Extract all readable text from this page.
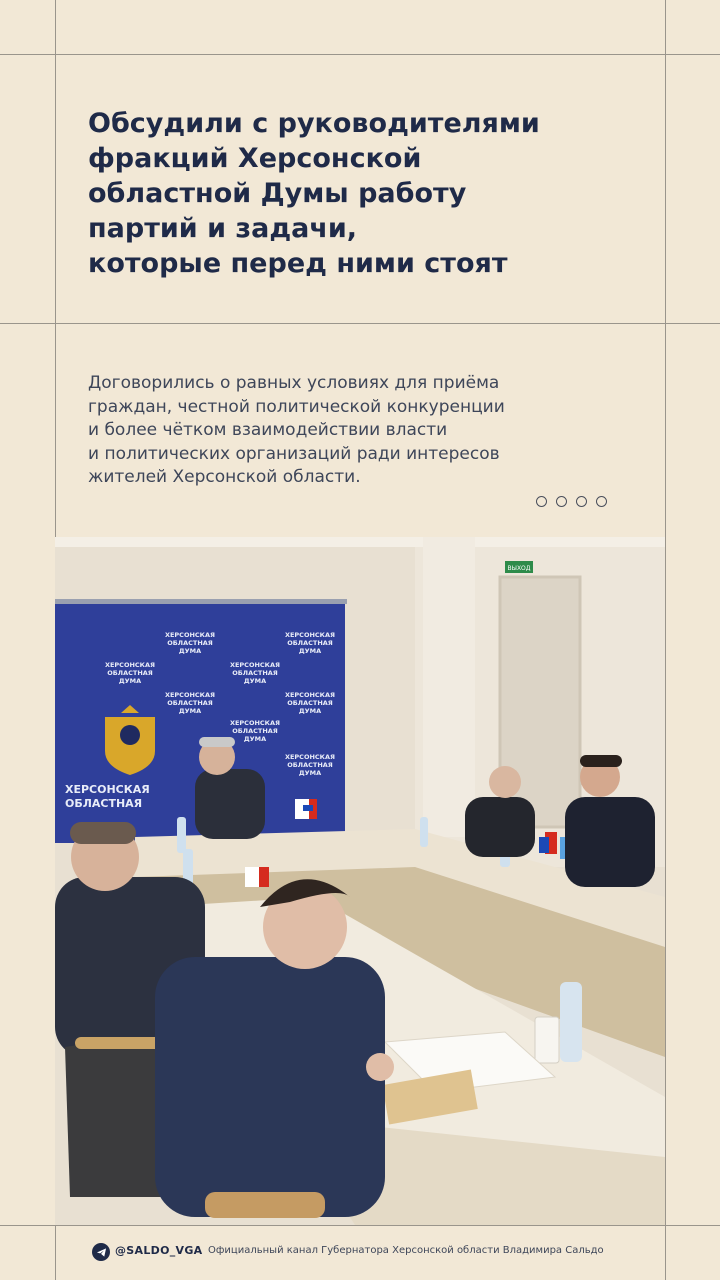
Обсудили с руководителями
фракций Херсонской
областной Думы работу
партий и задачи,
которые перед ними стоят

Договорились о равных условиях для приёма
граждан, честной политической конкуренции
и более чётком взаимодействии власти
и политических организаций ради интересов
жителей Херсонской области.

ВЫХОД
ХЕРСОНСКАЯ
ОБЛАСТНАЯ
ДУМА
ХЕРСОНСКАЯ
ОБЛАСТНАЯ
ДУМА
ХЕРСОНСКАЯ
ОБЛАСТНАЯ
ДУМА
ХЕРСОНСКАЯ
ОБЛАСТНАЯ
ДУМА
ХЕРСОНСКАЯ
ОБЛАСТНАЯ
ДУМА
ХЕРСОНСКАЯ
ОБЛАСТНАЯ
ДУМА
ХЕРСОНСКАЯ
ОБЛАСТНАЯ
ДУМА
ХЕРСОНСКАЯ
ОБЛАСТНАЯ
ДУМА
ХЕРСОНСКАЯ
ОБЛАСТНАЯ
@SALDO_VGA Официальный канал Губернатора Херсонской области Владимира Сальдо
